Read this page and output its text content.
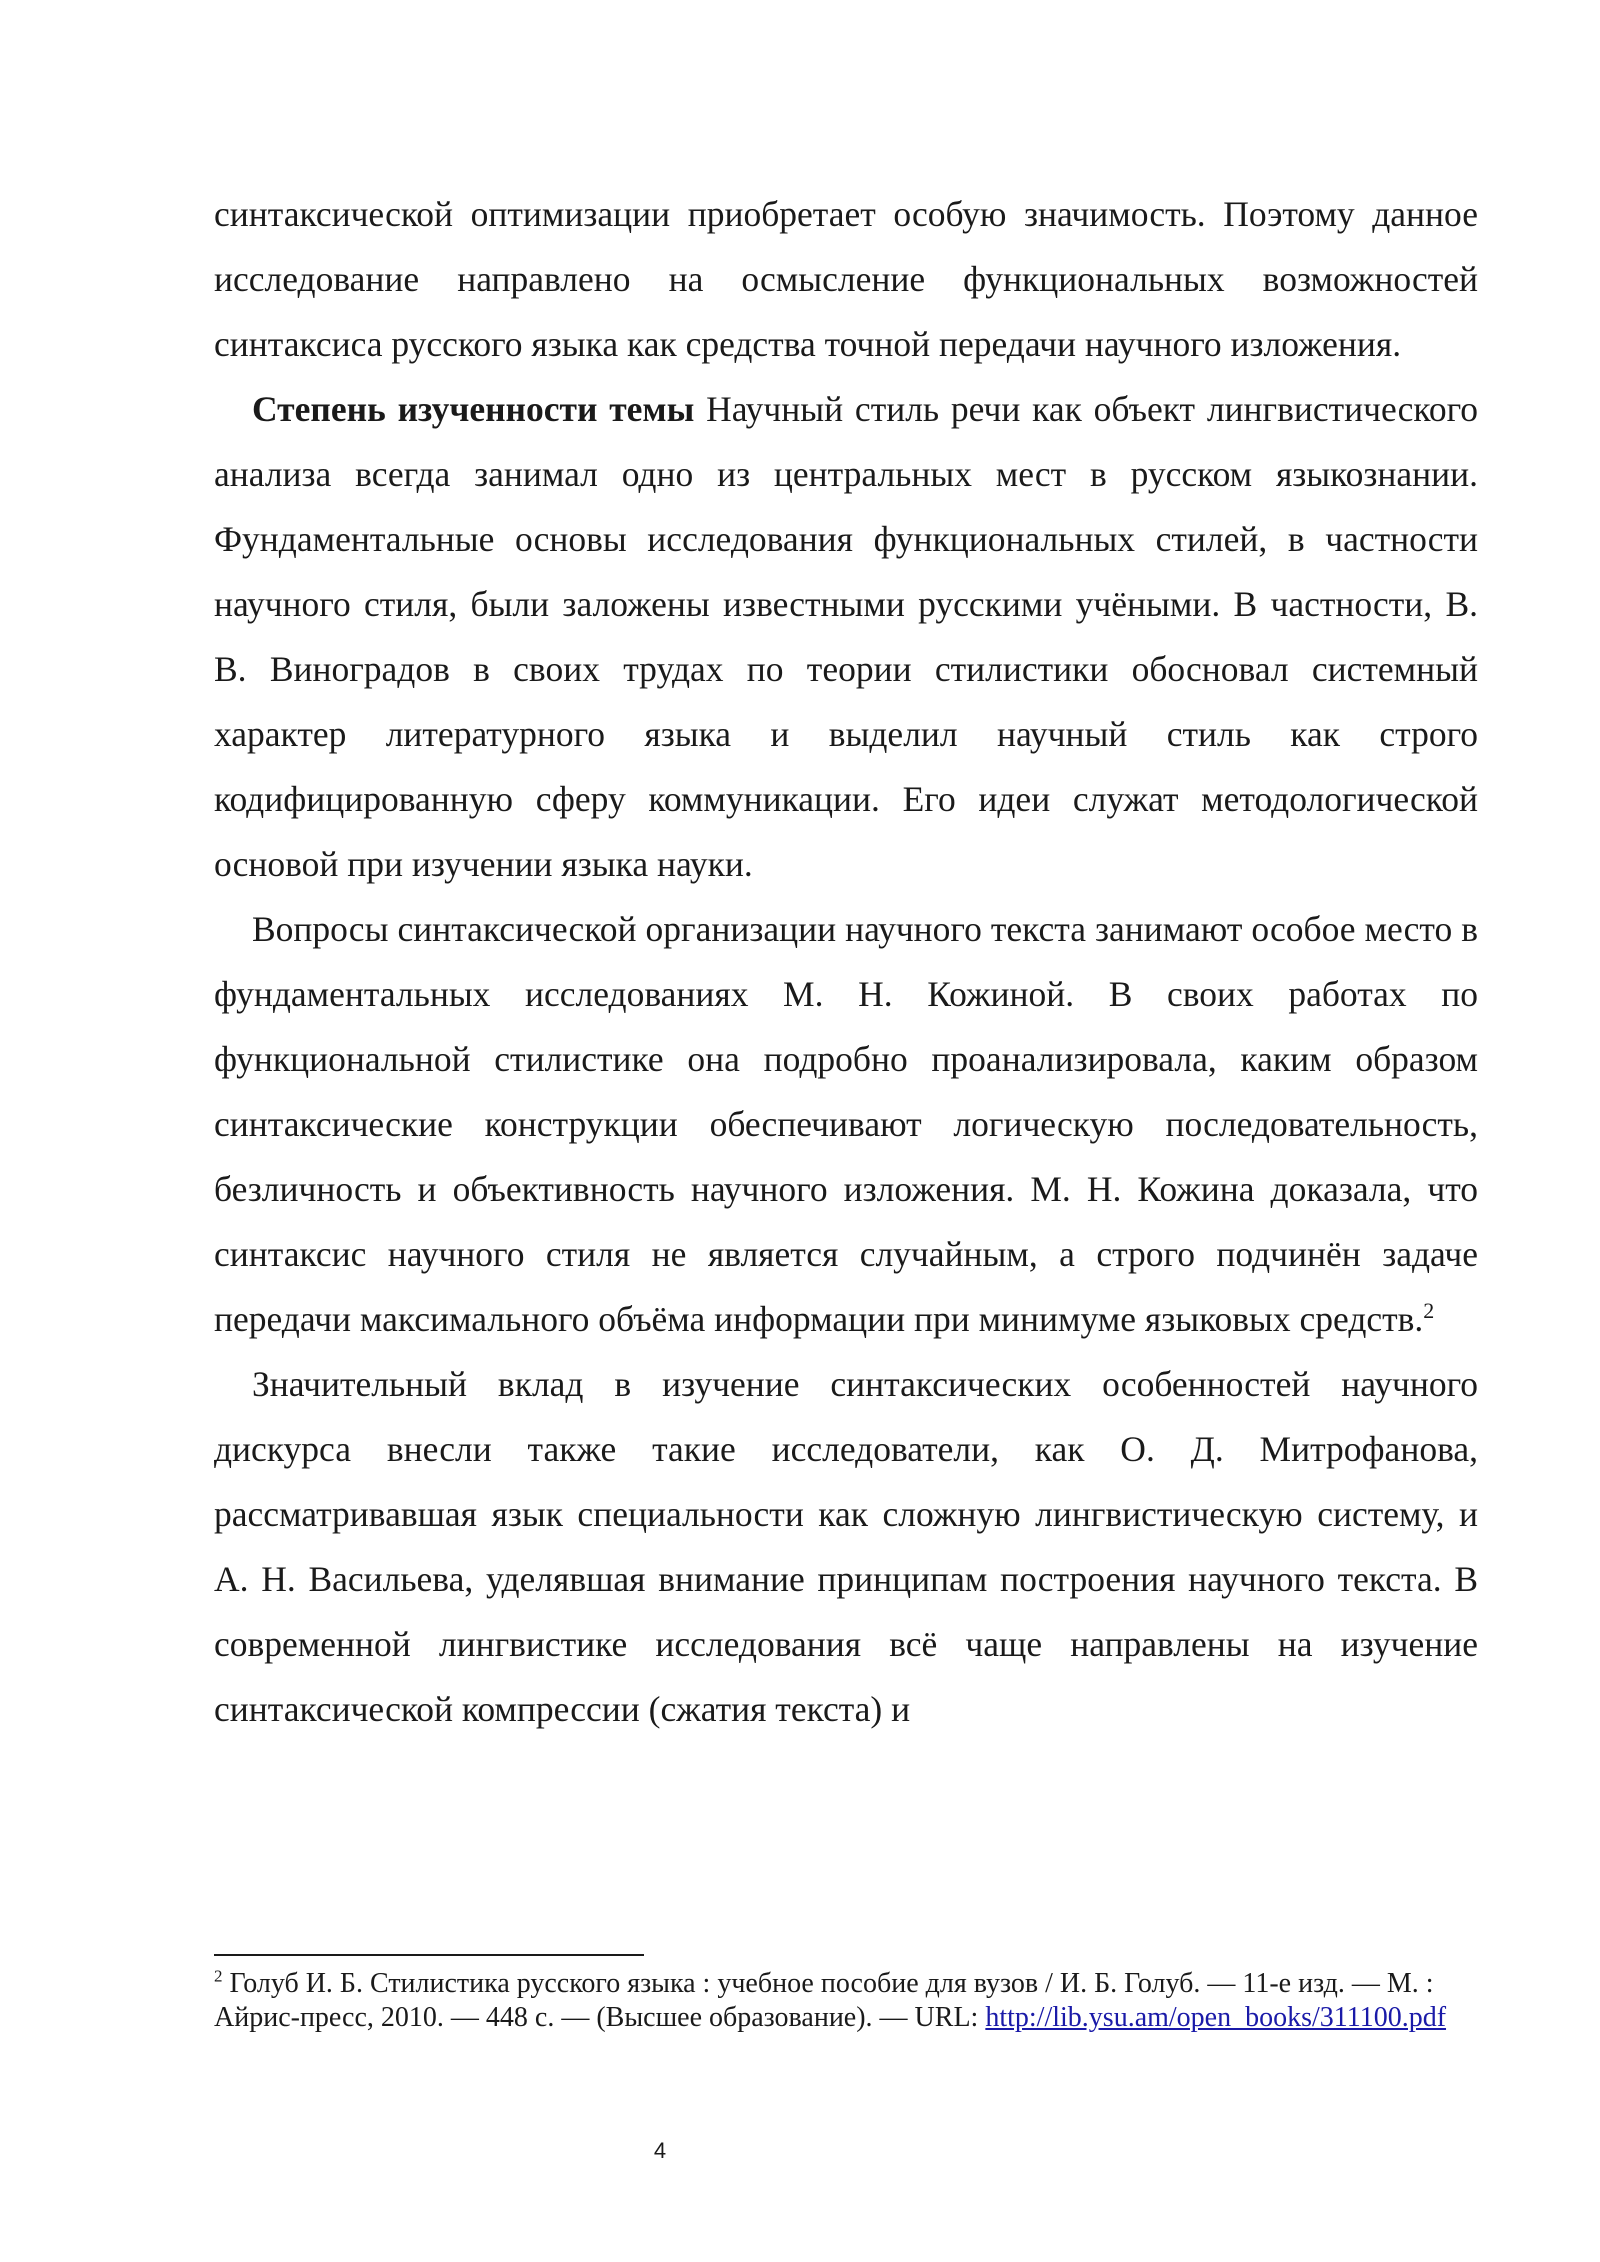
синтаксической оптимизации приобретает особую значимость. Поэтому данное исследование направлено на осмысление функциональных возможностей синтаксиса русского языка как средства точной передачи научного изложения.

Степень изученности темы Научный стиль речи как объект лингвистического анализа всегда занимал одно из центральных мест в русском языкознании. Фундаментальные основы исследования функциональных стилей, в частности научного стиля, были заложены известными русскими учёными. В частности, В. В. Виноградов в своих трудах по теории стилистики обосновал системный характер литературного языка и выделил научный стиль как строго кодифицированную сферу коммуникации. Его идеи служат методологической основой при изучении языка науки.

Вопросы синтаксической организации научного текста занимают особое место в фундаментальных исследованиях М. Н. Кожиной. В своих работах по функциональной стилистике она подробно проанализировала, каким образом синтаксические конструкции обеспечивают логическую последовательность, безличность и объективность научного изложения. М. Н. Кожина доказала, что синтаксис научного стиля не является случайным, а строго подчинён задаче передачи максимального объёма информации при минимуме языковых средств.$^2$

Значительный вклад в изучение синтаксических особенностей научного дискурса внесли также такие исследователи, как О. Д. Митрофанова, рассматривавшая язык специальности как сложную лингвистическую систему, и А. Н. Васильева, уделявшая внимание принципам построения научного текста. В современной лингвистике исследования всё чаще направлены на изучение синтаксической компрессии (сжатия текста) и

$^2$ Голуб И. Б. Стилистика русского языка : учебное пособие для вузов / И. Б. Голуб. — 11-е изд. — М. : Айрис-пресс, 2010. — 448 с. — (Высшее образование). — URL: http://lib.ysu.am/open_books/311100.pdf
4
